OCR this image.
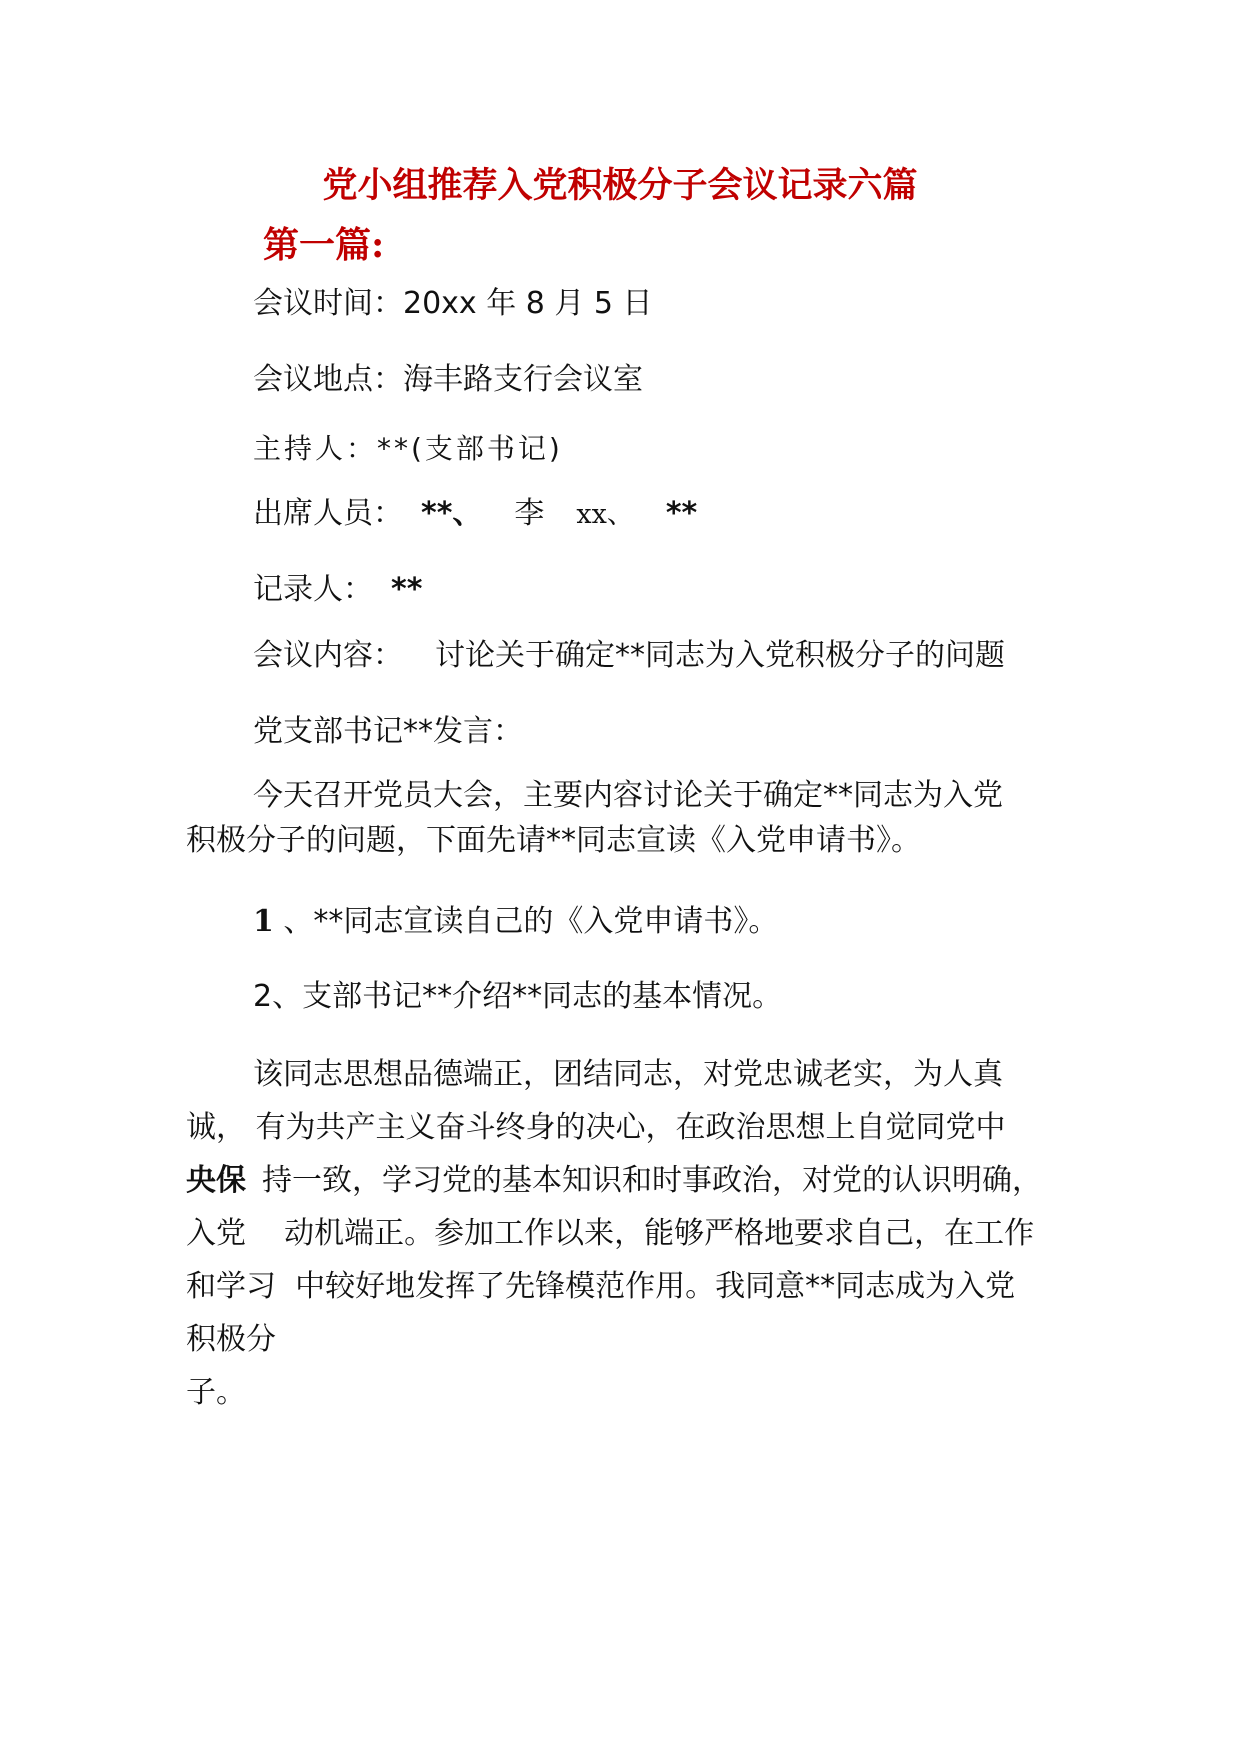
党小组推荐入党积极分子会议记录六篇
第一篇:
会议时间：20xx 年 8 月 5 日
会议地点：海丰路支行会议室
主持人：**(支部书记)
出席人员： **、 李 xx、 **
记录人： **
会议内容： 讨论关于确定**同志为入党积极分子的问题
党支部书记**发言：
今天召开党员大会，主要内容讨论关于确定**同志为入党
积极分子的问题，下面先请**同志宣读《入党申请书》。
1 、**同志宣读自己的《入党申请书》。
2、支部书记**介绍**同志的基本情况。
该同志思想品德端正，团结同志，对党忠诚老实，为人真
诚， 有为共产主义奋斗终身的决心，在政治思想上自觉同党中
央保 持一致，学习党的基本知识和时事政治，对党的认识明确，
入党    动机端正。参加工作以来，能够严格地要求自己，在工作
和学习  中较好地发挥了先锋模范作用。我同意**同志成为入党
积极分
子。
